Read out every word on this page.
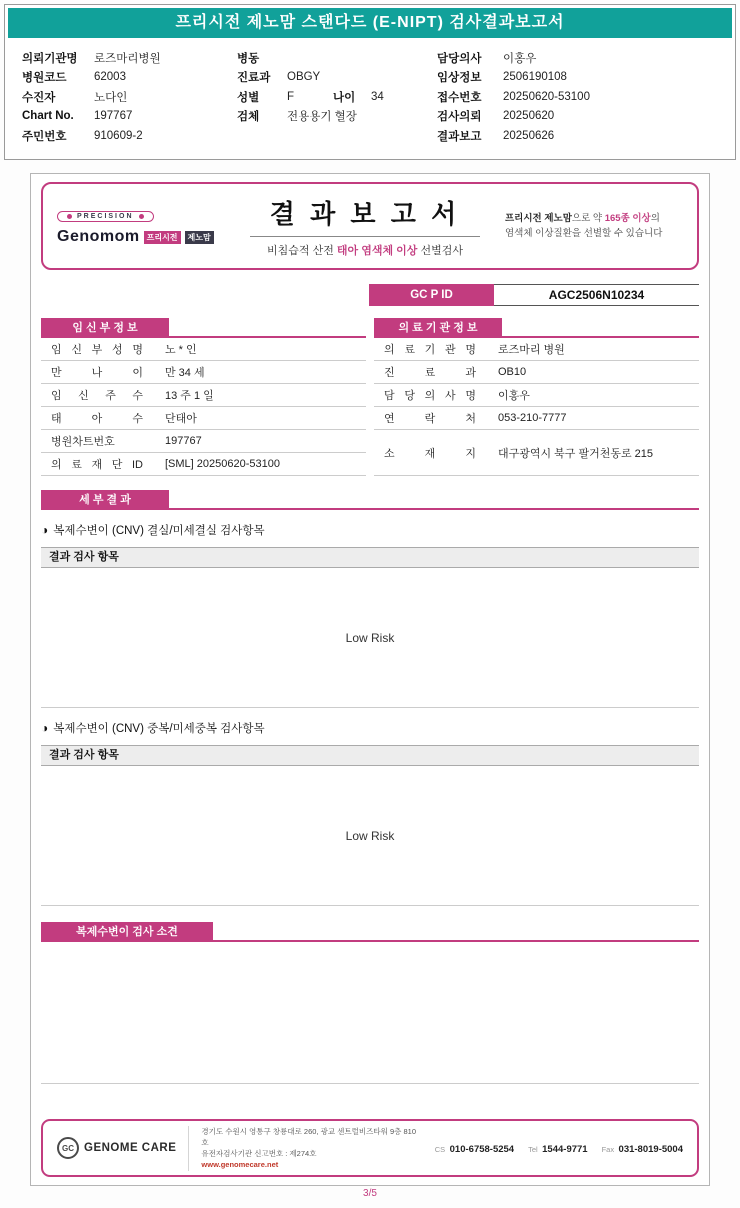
프리시전 제노맘 스탠다드 (E-NIPT) 검사결과보고서
의뢰기관명	로즈마리병원
병원코드	62003
수진자	노다인
Chart No.	197767
주민번호	910609-2
병동
진료과	OBGY
성별	F	나이	34
검체	전용용기 혈장
담당의사	이홍우
임상정보	2506190108
접수번호	20250620-53100
검사의뢰	20250620
결과보고	20250626
PRECISION
Genomom 프리시전	제노맘
결 과 보 고 서
비침습적 산전 태아 염색체 이상 선별검사
프리시전 제노맘으로 약 165종 이상의
염색체 이상질환을 선별할 수 있습니다
GC P ID	AGC2506N10234
임 신 부 정 보
임 신 부 성 명	노 * 인
만 나 이	만 34 세
임 신 주 수	13 주 1 일
태 아 수	단태아
병원차트번호	197767
의 료 재 단 ID	[SML] 20250620-53100
의 료 기 관 정 보
의 료 기 관 명	로즈마리 병원
진 료 과	OB10
담 당 의 사 명	이홍우
연 락 처	053-210-7777
소 재 지	대구광역시 북구 팔거천동로 215
세 부 결 과
◑ 복제수변이 (CNV) 결실/미세결실 검사항목
결과 검사 항목
Low Risk
◑ 복제수변이 (CNV) 중복/미세중복 검사항목
결과 검사 항목
Low Risk
복제수변이 검사 소견
GC GENOME CARE
경기도 수원시 영통구 창룡대로 260, 광교 센트럴비즈타워 9층 810호
유전자검사기관 신고번호 : 제274호
www.genomecare.net
CS 010-6758-5254 Tel 1544-9771 Fax 031-8019-5004
3/5
